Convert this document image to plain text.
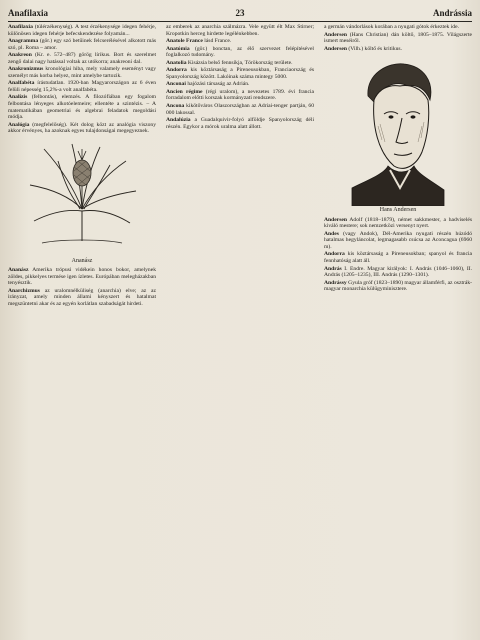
Anafilaxia	23	Andrássia

Anafilaxia (túlérzékenység). A test érzékenysége idegen fehérje, különösen idegen fehérje befecskendezése folyamán...

Anagramma (gör.) egy szó betűinek felcserélésével alkotott más szó, pl. Roma – amor.

Anakreon (Kr. e. 572–487) görög lírikus. Bort és szerelmet zengő dalai nagy hatással voltak az utókorra; anakreoni dal.

Anakronizmus kronológiai hiba, mely valamely eseményt vagy személyt más korba helyez, mint amelybe tartozik.

Analfabéta írástudatlan. 1920-ban Magyarországon az 6 éven felüli népesség 15,2%-a volt analfabéta.

Analízis (felbontás), elemzés. A filozófiában egy fogalom felbontása lényeges alkotóelemeire; ellentéte a szintézis. – A matematikában geometriai és algebrai feladatok megoldási módja.

Analógia (megfelelőség). Két dolog közt az analógia viszony akkor érvényes, ha azoknak egyes tulajdonságai megegyeznek.

Ananász

Ananász Amerika trópusi vidékein honos bokor, amelynek zöldes, pikkelyes termése igen ízletes. Európában melegházakban tenyésztik.

Anarchizmus az uralomnélküliség (anarchia) elve; az az irányzat, amely minden állami kényszert és hatalmat megszüntetni akar és az egyén korlátlan szabadságát hirdeti.

az emberek az anarchia szálmázra. Vele együtt élt Max Stirner; Kropotkin herceg hirdette legélénkebben.

Anatole France lásd France.

Anatómia (gör.) bonctan, az élő szervezet felépítésével foglalkozó tudomány.

Anatolia Kisázsia belső fennsíkja, Törökország területe.

Andorra kis köztársaság a Pireneusokban, Franciaország és Spanyolország között. Lakóinak száma mintegy 5000.

Anconai hajózási társaság az Adrián.

Ancien régime (régi uralom), a nevezetes 1789. évi francia forradalom előtti korszak kormányzati rendszere.

Ancona kikötőváros Olaszországban az Adriai-tenger partján, 60 000 lakossal.

Andalúzia a Guadalquivir-folyó alföldje Spanyolország déli részén. Egykor a mórok uralma alatt állott.

a germán vándorlások korában a nyugati gótok érkeztek ide.

Andersen (Hans Christian) dán költő, 1805–1875. Világszerte ismert meséiről.

Andersen (Vilh.) költő és kritikus.

Hans Andersen

Andersen Adolf (1818–1879), német sakkmester, a hadviselés kiváló mestere; sok nemzetközi versenyt nyert.

Andes (vagy Andok), Dél-Amerika nyugati részén húzódó hatalmas hegyláncolat, legmagasabb csúcsa az Aconcagua (6960 m).

Andorra kis köztársaság a Pireneusokban; spanyol és francia fennhatóság alatt áll.

András I. Endre. Magyar királyok: I. András (1046–1060), II. András (1205–1235), III. András (1290–1301).

Andrássy Gyula gróf (1823–1890) magyar államférfi, az osztrák-magyar monarchia külügyminisztere.
